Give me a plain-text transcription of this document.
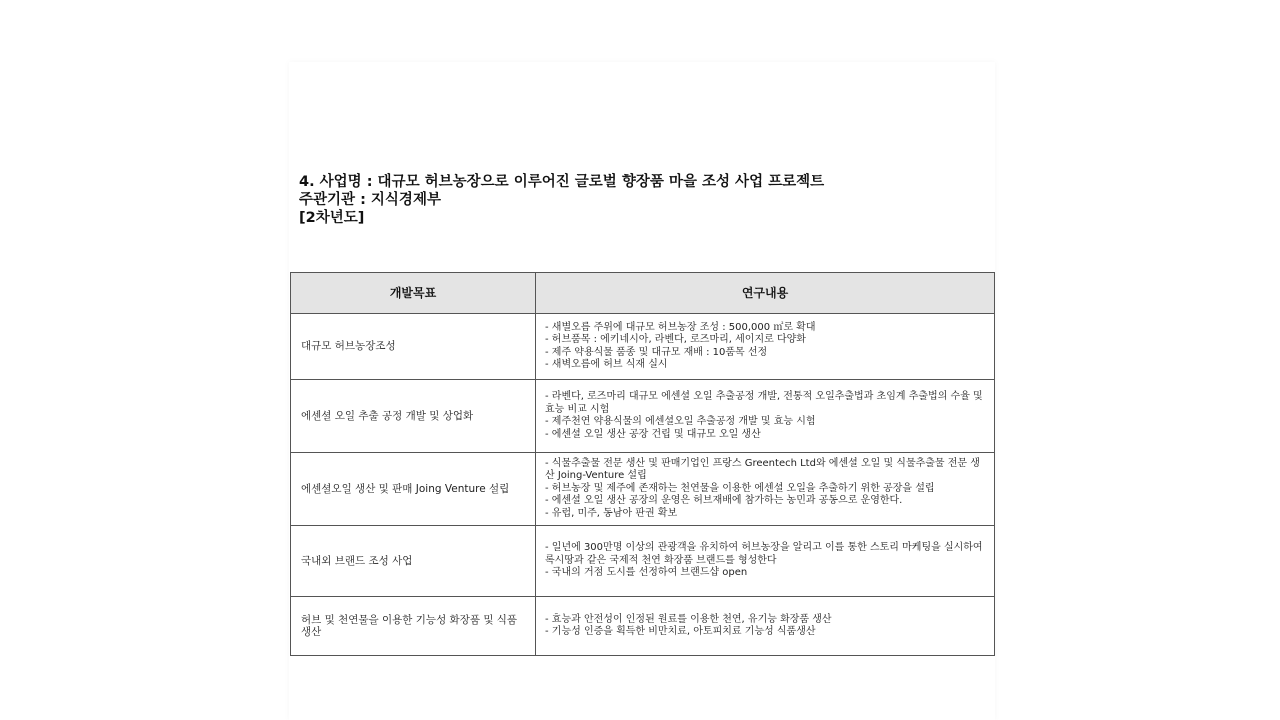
4. 사업명 : 대규모 허브농장으로 이루어진 글로벌 향장품 마을 조성 사업 프로젝트
주관기관 : 지식경제부
[2차년도]
개발목표	연구내용
대규모 허브농장조성	- 새별오름 주위에 대규모 허브농장 조성 : 500,000 ㎡로 확대
- 허브품목 : 에키네시아, 라벤다, 로즈마리, 세이지로 다양화
- 제주 약용식물 품종 및 대규모 재배 : 10품목 선정
- 새벽오름에 허브 식재 실시

에센셜 오일 추출 공정 개발 및 상업화	- 라벤다, 로즈마리 대규모 에센셜 오일 추출공정 개발, 전통적 오일추출법과 초임계 추출법의 수율 및 효능 비교 시험
- 제주천연 약용식물의 에센셜오일 추출공정 개발 및 효능 시험
- 에센셜 오일 생산 공장 건립 및 대규모 오일 생산

에센셜오일 생산 및 판매 Joing Venture 설립	- 식물추출물 전문 생산 및 판매기업인 프랑스 Greentech Ltd와 에센셜 오일 및 식물추출물 전문 생산 Joing-Venture 설립
- 허브농장 및 제주에 존재하는 천연물을 이용한 에센셜 오일을 추출하기 위한 공장을 설립
- 에센셜 오일 생산 공장의 운영은 허브재배에 참가하는 농민과 공동으로 운영한다.
- 유럽, 미주, 동남아 판권 확보

국내외 브랜드 조성 사업	- 일년에 300만명 이상의 관광객을 유치하여 허브농장을 알리고 이를 통한 스토리 마케팅을 실시하여 록시땅과 같은 국제적 천연 화장품 브랜드를 형성한다
- 국내의 거점 도시를 선정하여 브랜드샵 open

허브 및 천연물을 이용한 기능성 화장품 및 식품생산	- 효능과 안전성이 인정된 원료를 이용한 천연, 유기능 화장품 생산
- 기능성 인증을 획득한 비만치료, 아토피치료 기능성 식품생산
